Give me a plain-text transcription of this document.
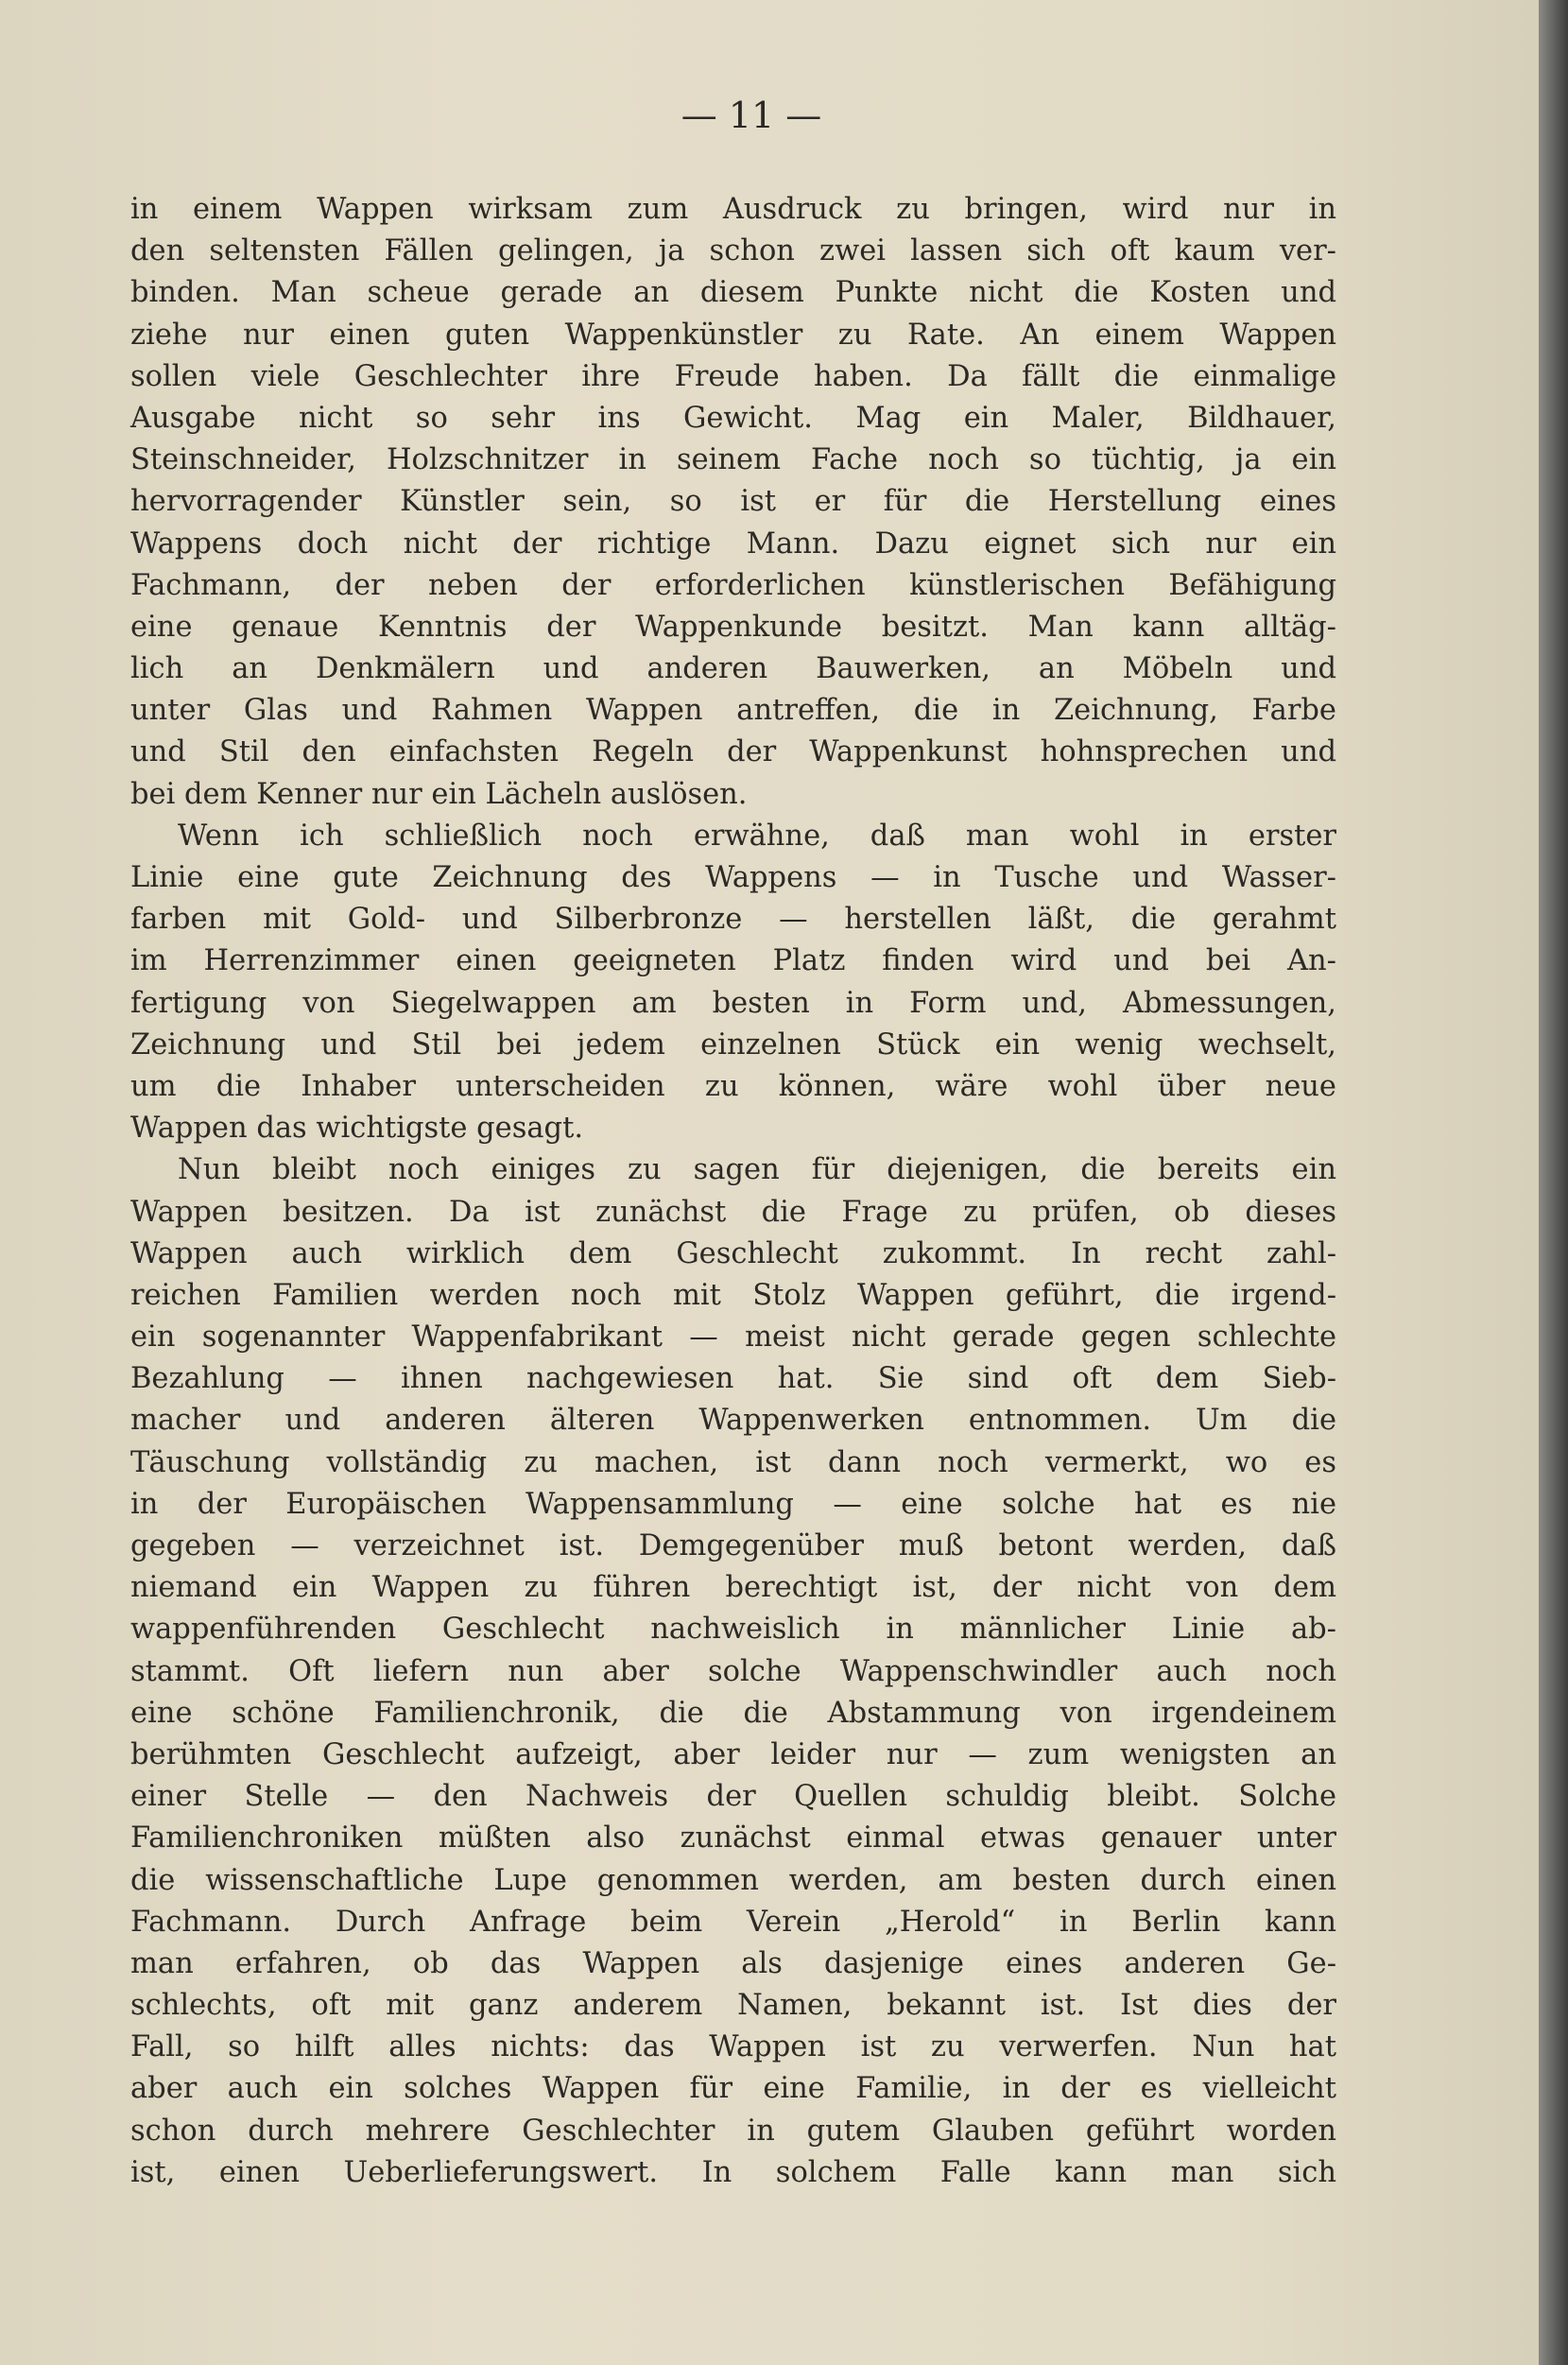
— 11 —
in einem Wappen wirksam zum Ausdruck zu bringen, wird nur in
den seltensten Fällen gelingen, ja schon zwei lassen sich oft kaum ver-
binden. Man scheue gerade an diesem Punkte nicht die Kosten und
ziehe nur einen guten Wappenkünstler zu Rate. An einem Wappen
sollen viele Geschlechter ihre Freude haben. Da fällt die einmalige
Ausgabe nicht so sehr ins Gewicht. Mag ein Maler, Bildhauer,
Steinschneider, Holzschnitzer in seinem Fache noch so tüchtig, ja ein
hervorragender Künstler sein, so ist er für die Herstellung eines
Wappens doch nicht der richtige Mann. Dazu eignet sich nur ein
Fachmann, der neben der erforderlichen künstlerischen Befähigung
eine genaue Kenntnis der Wappenkunde besitzt. Man kann alltäg-
lich an Denkmälern und anderen Bauwerken, an Möbeln und
unter Glas und Rahmen Wappen antreffen, die in Zeichnung, Farbe
und Stil den einfachsten Regeln der Wappenkunst hohnsprechen und
bei dem Kenner nur ein Lächeln auslösen.
Wenn ich schließlich noch erwähne, daß man wohl in erster
Linie eine gute Zeichnung des Wappens — in Tusche und Wasser-
farben mit Gold- und Silberbronze — herstellen läßt, die gerahmt
im Herrenzimmer einen geeigneten Platz finden wird und bei An-
fertigung von Siegelwappen am besten in Form und, Abmessungen,
Zeichnung und Stil bei jedem einzelnen Stück ein wenig wechselt,
um die Inhaber unterscheiden zu können, wäre wohl über neue
Wappen das wichtigste gesagt.
Nun bleibt noch einiges zu sagen für diejenigen, die bereits ein
Wappen besitzen. Da ist zunächst die Frage zu prüfen, ob dieses
Wappen auch wirklich dem Geschlecht zukommt. In recht zahl-
reichen Familien werden noch mit Stolz Wappen geführt, die irgend-
ein sogenannter Wappenfabrikant — meist nicht gerade gegen schlechte
Bezahlung — ihnen nachgewiesen hat. Sie sind oft dem Sieb-
macher und anderen älteren Wappenwerken entnommen. Um die
Täuschung vollständig zu machen, ist dann noch vermerkt, wo es
in der Europäischen Wappensammlung — eine solche hat es nie
gegeben — verzeichnet ist. Demgegenüber muß betont werden, daß
niemand ein Wappen zu führen berechtigt ist, der nicht von dem
wappenführenden Geschlecht nachweislich in männlicher Linie ab-
stammt. Oft liefern nun aber solche Wappenschwindler auch noch
eine schöne Familienchronik, die die Abstammung von irgendeinem
berühmten Geschlecht aufzeigt, aber leider nur — zum wenigsten an
einer Stelle — den Nachweis der Quellen schuldig bleibt. Solche
Familienchroniken müßten also zunächst einmal etwas genauer unter
die wissenschaftliche Lupe genommen werden, am besten durch einen
Fachmann. Durch Anfrage beim Verein „Herold“ in Berlin kann
man erfahren, ob das Wappen als dasjenige eines anderen Ge-
schlechts, oft mit ganz anderem Namen, bekannt ist. Ist dies der
Fall, so hilft alles nichts: das Wappen ist zu verwerfen. Nun hat
aber auch ein solches Wappen für eine Familie, in der es vielleicht
schon durch mehrere Geschlechter in gutem Glauben geführt worden
ist, einen Ueberlieferungswert. In solchem Falle kann man sich
